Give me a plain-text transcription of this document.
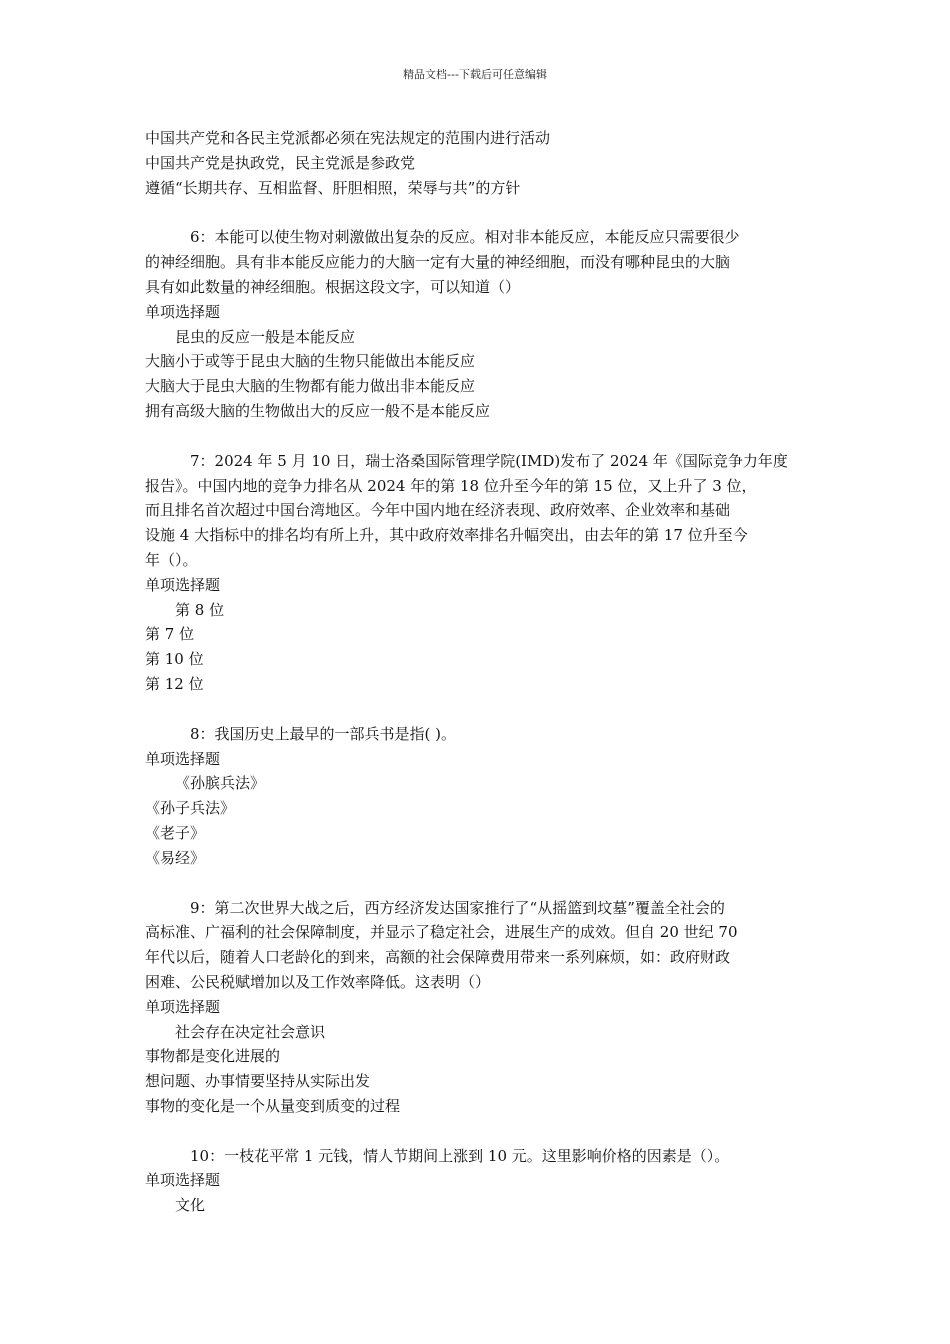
精品文档---下载后可任意编辑
中国共产党和各民主党派都必须在宪法规定的范围内进行活动
中国共产党是执政党，民主党派是参政党
遵循“长期共存、互相监督、肝胆相照，荣辱与共”的方针
6：本能可以使生物对刺激做出复杂的反应。相对非本能反应，本能反应只需要很少
的神经细胞。具有非本能反应能力的大脑一定有大量的神经细胞，而没有哪种昆虫的大脑
具有如此数量的神经细胞。根据这段文字，可以知道（）
单项选择题
昆虫的反应一般是本能反应
大脑小于或等于昆虫大脑的生物只能做出本能反应
大脑大于昆虫大脑的生物都有能力做出非本能反应
拥有高级大脑的生物做出大的反应一般不是本能反应
7：2024 年 5 月 10 日，瑞士洛桑国际管理学院(IMD)发布了 2024 年《国际竞争力年度
报告》。中国内地的竞争力排名从 2024 年的第 18 位升至今年的第 15 位，又上升了 3 位，
而且排名首次超过中国台湾地区。今年中国内地在经济表现、政府效率、企业效率和基础
设施 4 大指标中的排名均有所上升，其中政府效率排名升幅突出，由去年的第 17 位升至今
年（）。
单项选择题
第 8 位
第 7 位
第 10 位
第 12 位
8：我国历史上最早的一部兵书是指( )。
单项选择题
《孙膑兵法》
《孙子兵法》
《老子》
《易经》
9：第二次世界大战之后，西方经济发达国家推行了“从摇篮到坟墓”覆盖全社会的
高标准、广福利的社会保障制度，并显示了稳定社会，进展生产的成效。但自 20 世纪 70
年代以后，随着人口老龄化的到来，高额的社会保障费用带来一系列麻烦，如：政府财政
困难、公民税赋增加以及工作效率降低。这表明（）
单项选择题
社会存在决定社会意识
事物都是变化进展的
想问题、办事情要坚持从实际出发
事物的变化是一个从量变到质变的过程
10：一枝花平常 1 元钱，情人节期间上涨到 10 元。这里影响价格的因素是（）。
单项选择题
文化
